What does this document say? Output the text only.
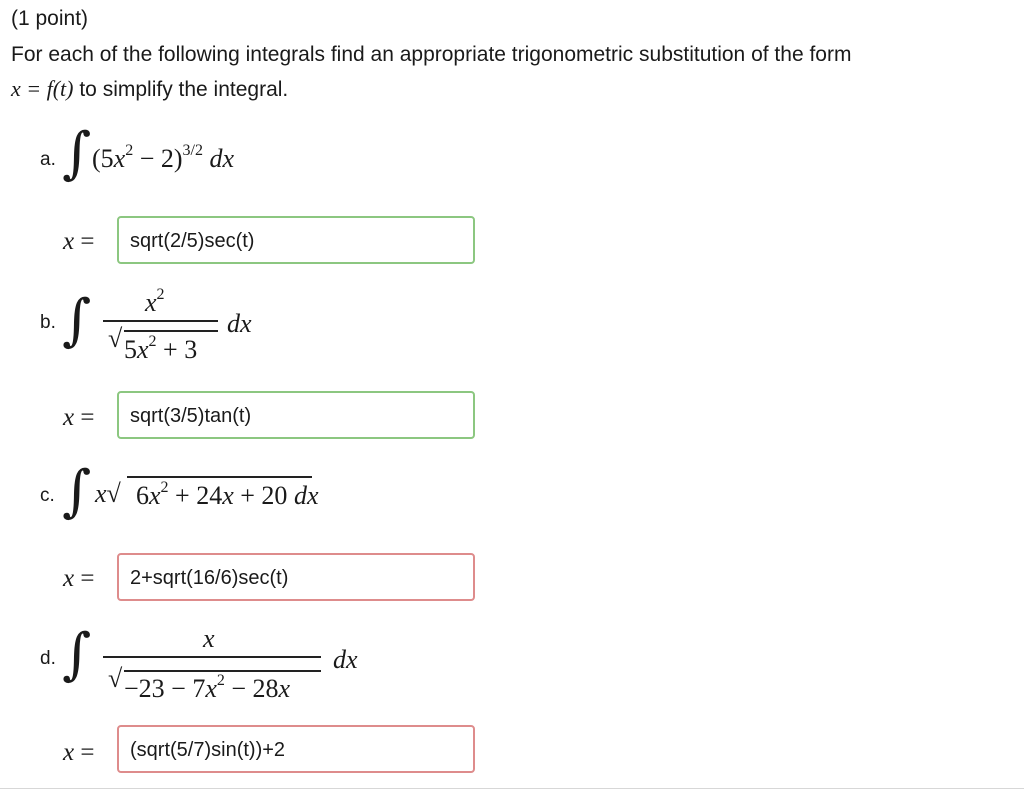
(1 point)
For each of the following integrals find an appropriate trigonometric substitution of the form
x = f(t) to simplify the integral.
a. ∫ $(5x^2 - 2)^{3/2}$ dx
x =	sqrt(2/5)sec(t)
b. ∫ $x^2$
√ $5x^2 + 3$
dx
x =	sqrt(3/5)tan(t)
c. ∫ x√ $6x^2 + 24x + 20$ dx
x =	2+sqrt(16/6)sec(t)
d. ∫	x
√ $-23 - 7x^2 - 28x$
dx
x =	(sqrt(5/7)sin(t))+2
